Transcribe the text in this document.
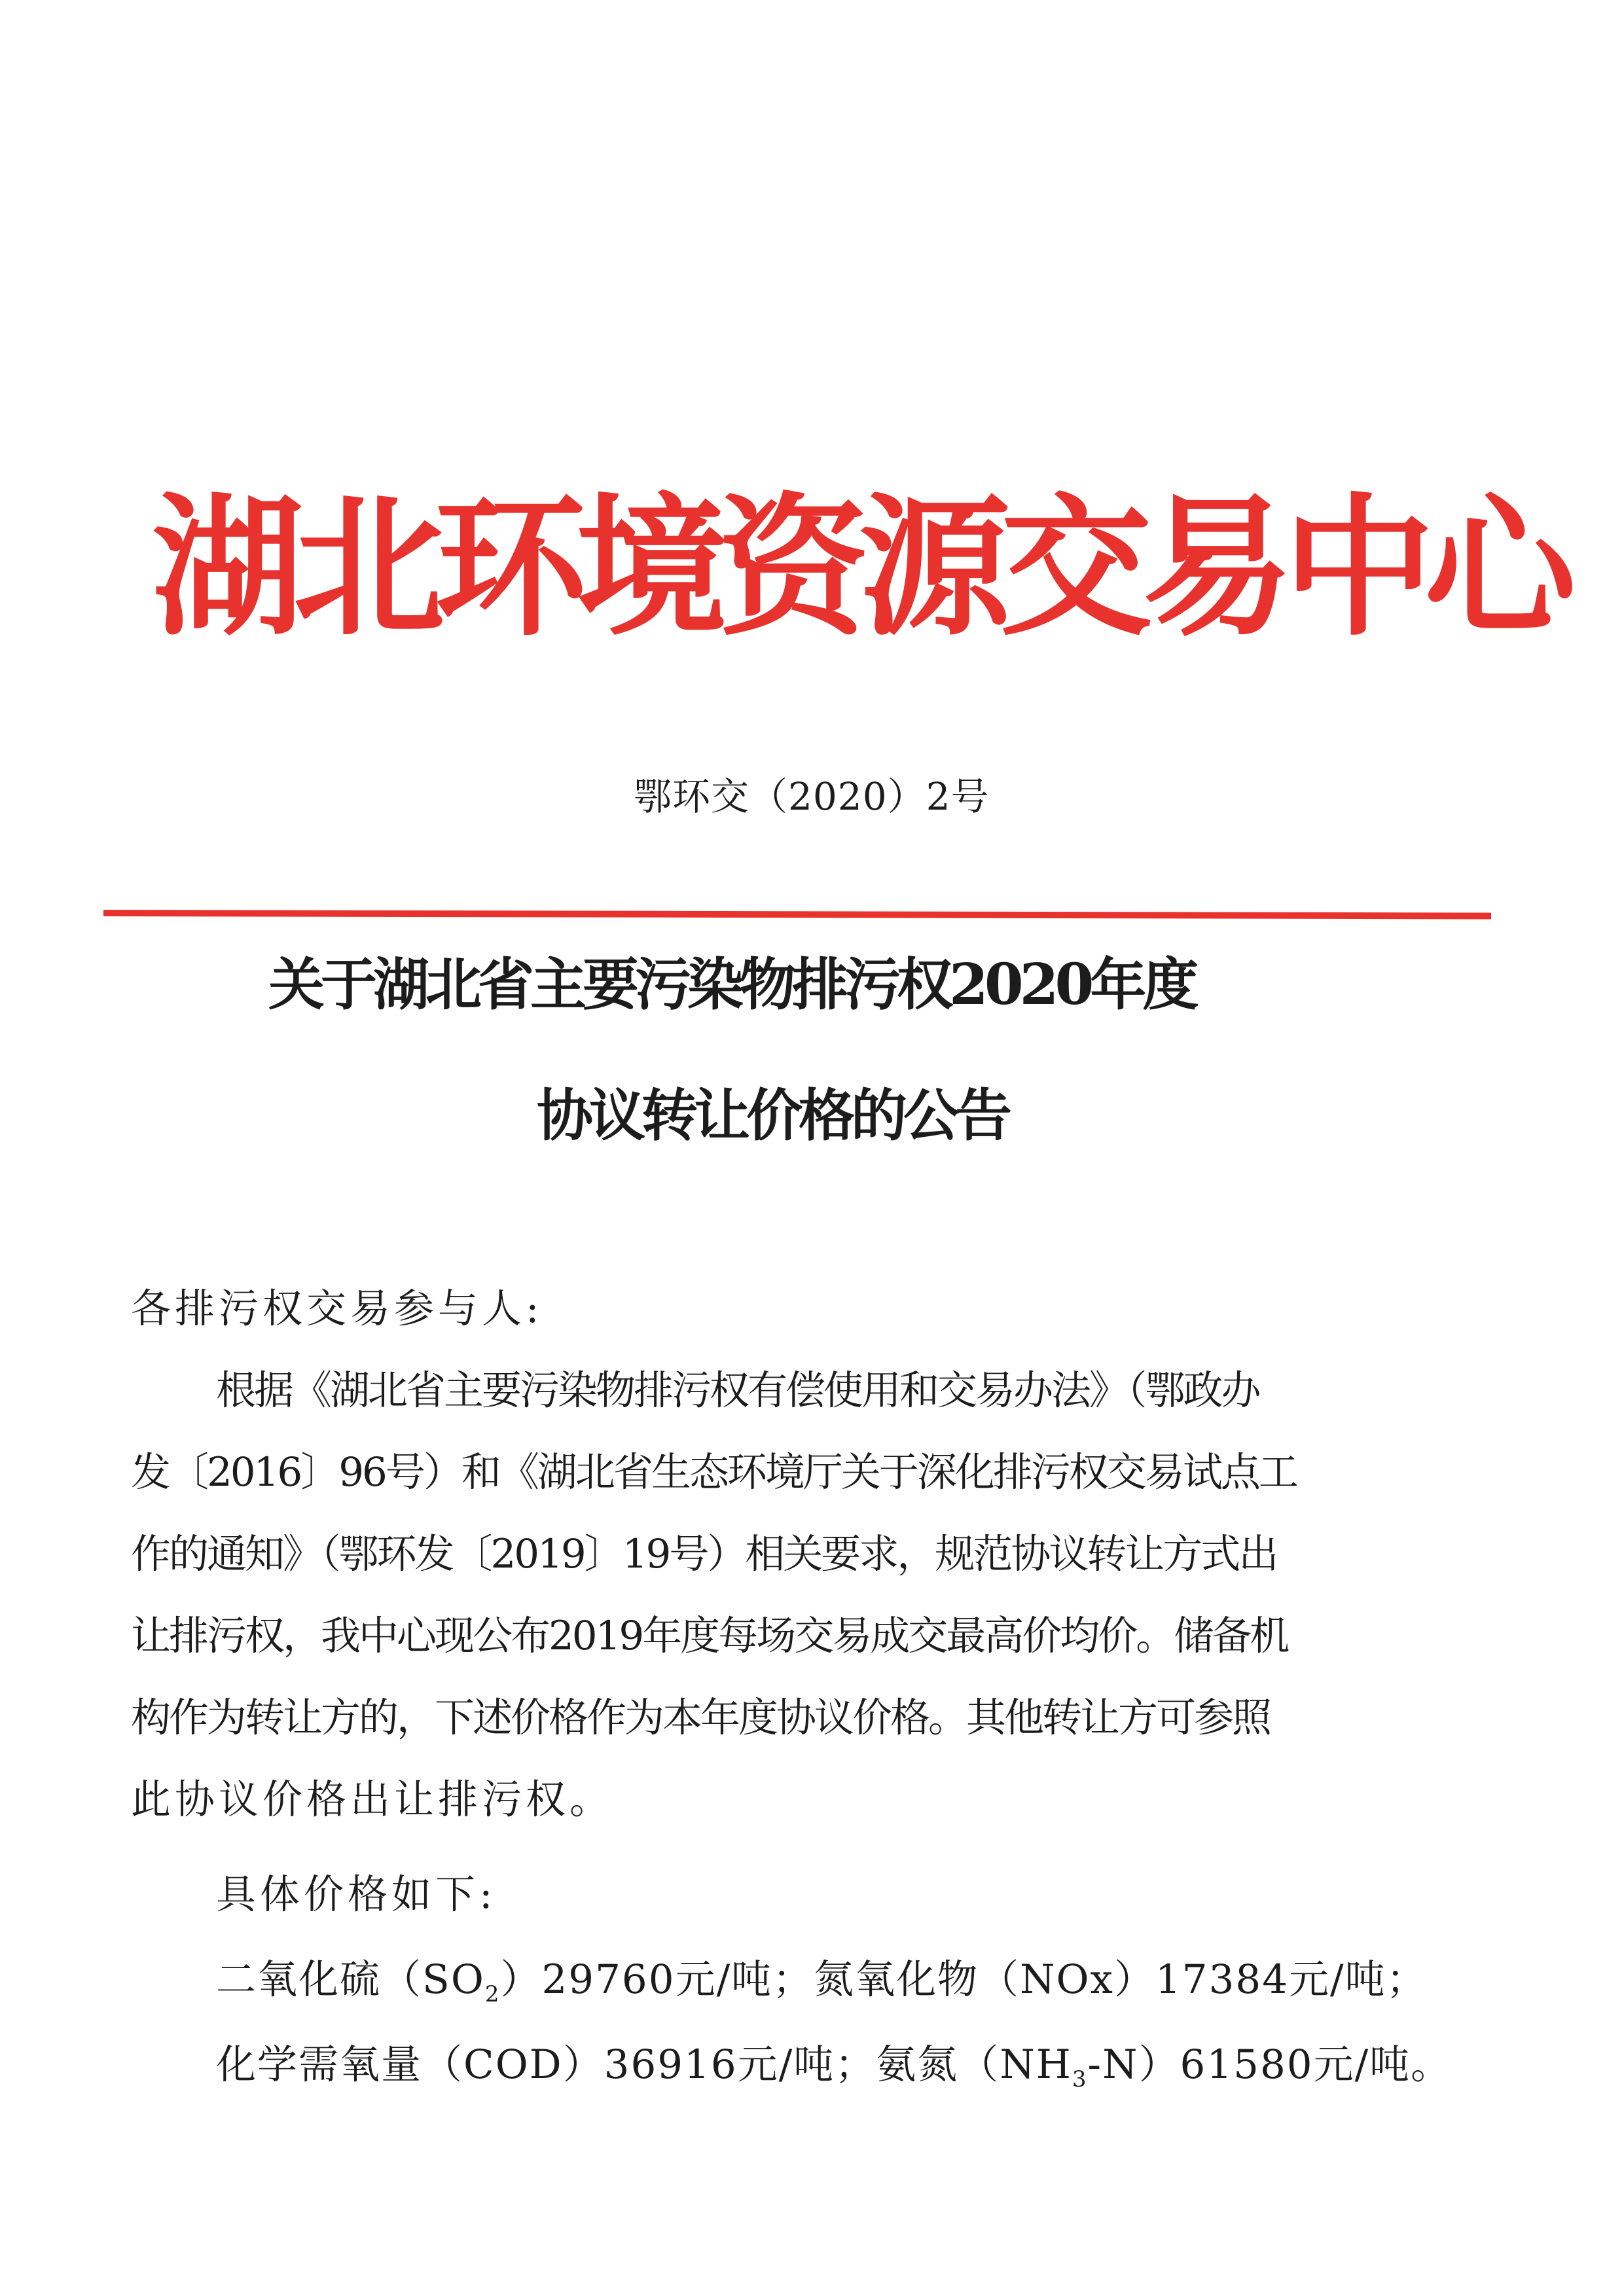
湖北环境资源交易中心
鄂环交（2020）2号
关于湖北省主要污染物排污权2020年度
协议转让价格的公告
各排污权交易参与人:
根据《湖北省主要污染物排污权有偿使用和交易办法》（鄂政办
发〔2016〕96号）和《湖北省生态环境厅关于深化排污权交易试点工
作的通知》（鄂环发〔2019〕19号）相关要求，规范协议转让方式出
让排污权，我中心现公布2019年度每场交易成交最高价均价。储备机
构作为转让方的，下述价格作为本年度协议价格。其他转让方可参照
此协议价格出让排污权。
具体价格如下:
二氧化硫$(SO_2)29760$元/吨；氮氧化物（NOx）17384元/吨；
化学需氧量（COD）36916元/吨；氨氮$(NH_3-N)61580$元/吨。
